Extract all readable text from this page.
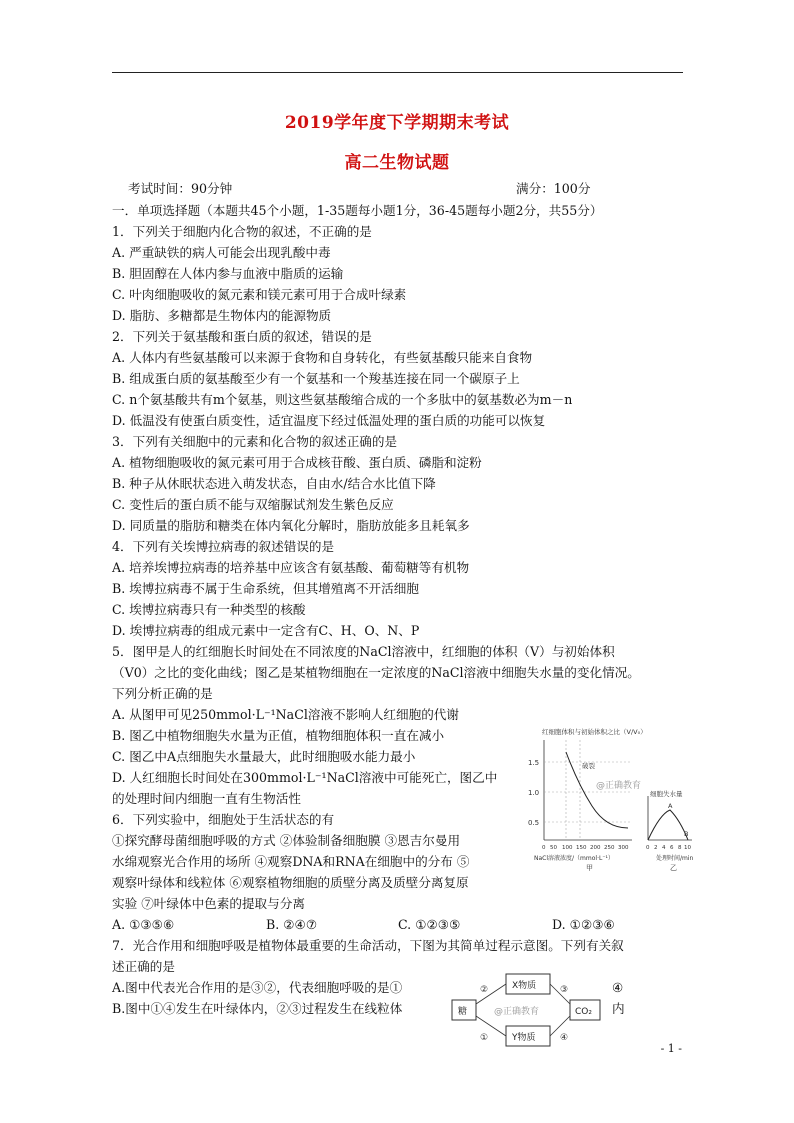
2019学年度下学期期末考试
高二生物试题
考试时间：90分钟	满分：100分
一．单项选择题（本题共45个小题，1-35题每小题1分，36-45题每小题2分，共55分）
1．下列关于细胞内化合物的叙述，不正确的是
A. 严重缺铁的病人可能会出现乳酸中毒
B. 胆固醇在人体内参与血液中脂质的运输
C. 叶肉细胞吸收的氮元素和镁元素可用于合成叶绿素
D. 脂肪、多糖都是生物体内的能源物质
2．下列关于氨基酸和蛋白质的叙述，错误的是
A. 人体内有些氨基酸可以来源于食物和自身转化，有些氨基酸只能来自食物
B. 组成蛋白质的氨基酸至少有一个氨基和一个羧基连接在同一个碳原子上
C. n个氨基酸共有m个氨基，则这些氨基酸缩合成的一个多肽中的氨基数必为m－n
D. 低温没有使蛋白质变性，适宜温度下经过低温处理的蛋白质的功能可以恢复
3．下列有关细胞中的元素和化合物的叙述正确的是
A. 植物细胞吸收的氮元素可用于合成核苷酸、蛋白质、磷脂和淀粉
B. 种子从休眠状态进入萌发状态，自由水/结合水比值下降
C. 变性后的蛋白质不能与双缩脲试剂发生紫色反应
D. 同质量的脂肪和糖类在体内氧化分解时，脂肪放能多且耗氧多
4．下列有关埃博拉病毒的叙述错误的是
A. 培养埃博拉病毒的培养基中应该含有氨基酸、葡萄糖等有机物
B. 埃博拉病毒不属于生命系统，但其增殖离不开活细胞
C. 埃博拉病毒只有一种类型的核酸
D. 埃博拉病毒的组成元素中一定含有C、H、O、N、P
5．图甲是人的红细胞长时间处在不同浓度的NaCl溶液中，红细胞的体积（V）与初始体积
（V0）之比的变化曲线；图乙是某植物细胞在一定浓度的NaCl溶液中细胞失水量的变化情况。
下列分析正确的是
A. 从图甲可见250mmol·L⁻¹NaCl溶液不影响人红细胞的代谢
B. 图乙中植物细胞失水量为正值，植物细胞体积一直在减小
C. 图乙中A点细胞失水量最大，此时细胞吸水能力最小
D. 人红细胞长时间处在300mmol·L⁻¹NaCl溶液中可能死亡，图乙中
的处理时间内细胞一直有生物活性
6．下列实验中，细胞处于生活状态的有
①探究酵母菌细胞呼吸的方式 ②体验制备细胞膜 ③恩吉尔曼用
水绵观察光合作用的场所 ④观察DNA和RNA在细胞中的分布 ⑤
观察叶绿体和线粒体 ⑥观察植物细胞的质壁分离及质壁分离复原
实验 ⑦叶绿体中色素的提取与分离
A. ①③⑤⑥	B. ②④⑦	C. ①②③⑤	D. ①②③⑥
7．光合作用和细胞呼吸是植物体最重要的生命活动，下图为其简单过程示意图。下列有关叙
述正确的是
A.图中代表光合作用的是③②，代表细胞呼吸的是①	④
B.图中①④发生在叶绿体内，②③过程发生在线粒体	内
红细胞体积与初始体积之比（V/V₀）
1.5
1.0
0.5
破裂
@正确教育
0 50 100 150 200 250 300
NaCl溶液浓度/（mmol·L⁻¹）
甲
细胞失水量
A
B
0 2 4 6 8 10
处理时间/min
乙
X物质
Y物质
糖	CO₂
②	③
①	④
@正确教育
- 1 -
